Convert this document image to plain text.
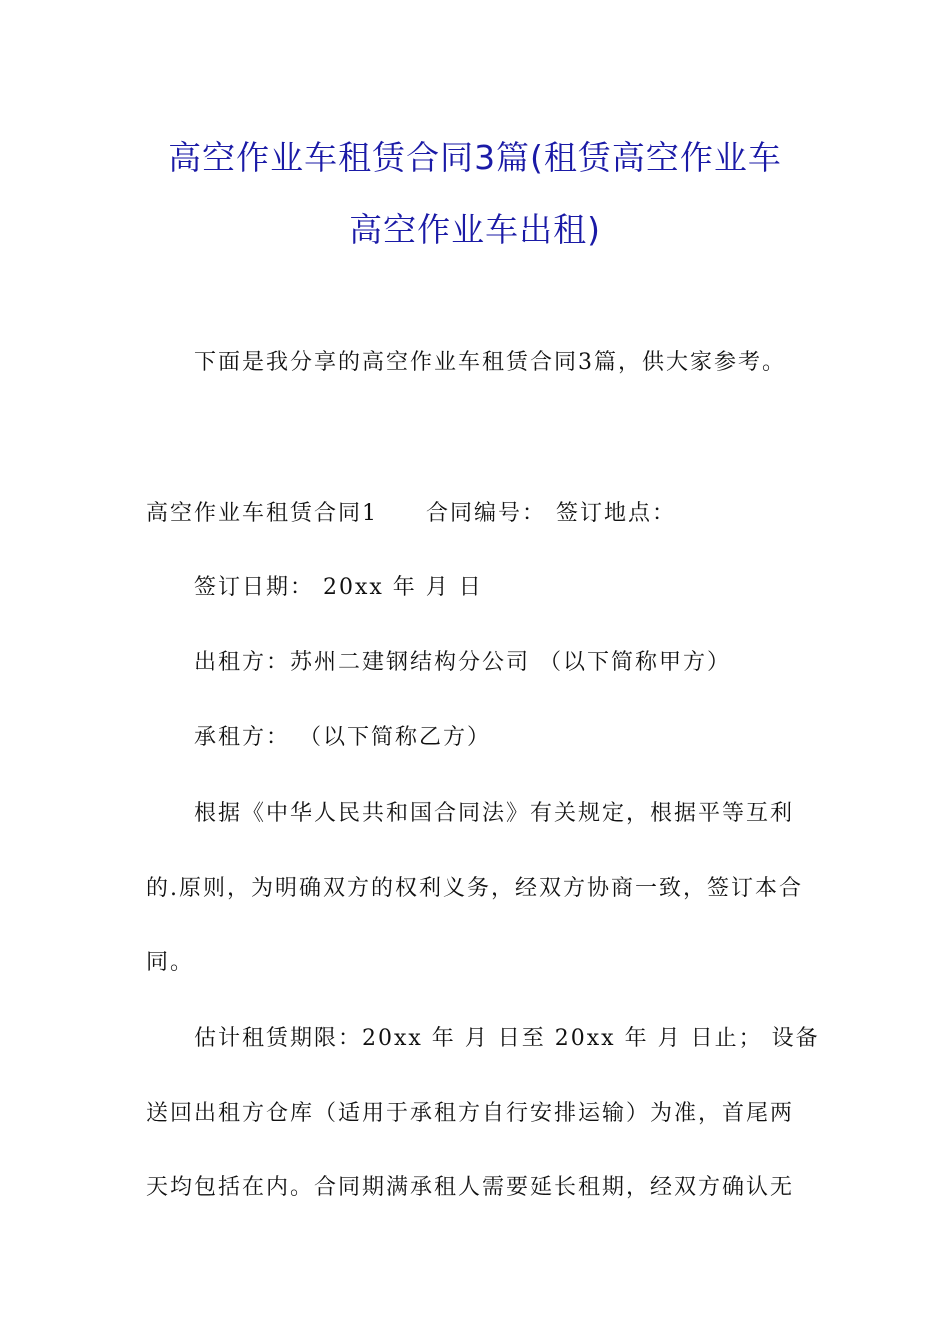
高空作业车租赁合同3篇(租赁高空作业车
高空作业车出租)
下面是我分享的高空作业车租赁合同3篇，供大家参考。
高空作业车租赁合同1 合同编号： 签订地点：
签订日期： 20xx 年 月 日
出租方：苏州二建钢结构分公司 （以下简称甲方）
承租方： （以下简称乙方）
根据《中华人民共和国合同法》有关规定，根据平等互利
的.原则，为明确双方的权利义务，经双方协商一致，签订本合
同。
估计租赁期限：20xx 年 月 日至 20xx 年 月 日止； 设备
送回出租方仓库（适用于承租方自行安排运输）为准，首尾两
天均包括在内。合同期满承租人需要延长租期，经双方确认无
